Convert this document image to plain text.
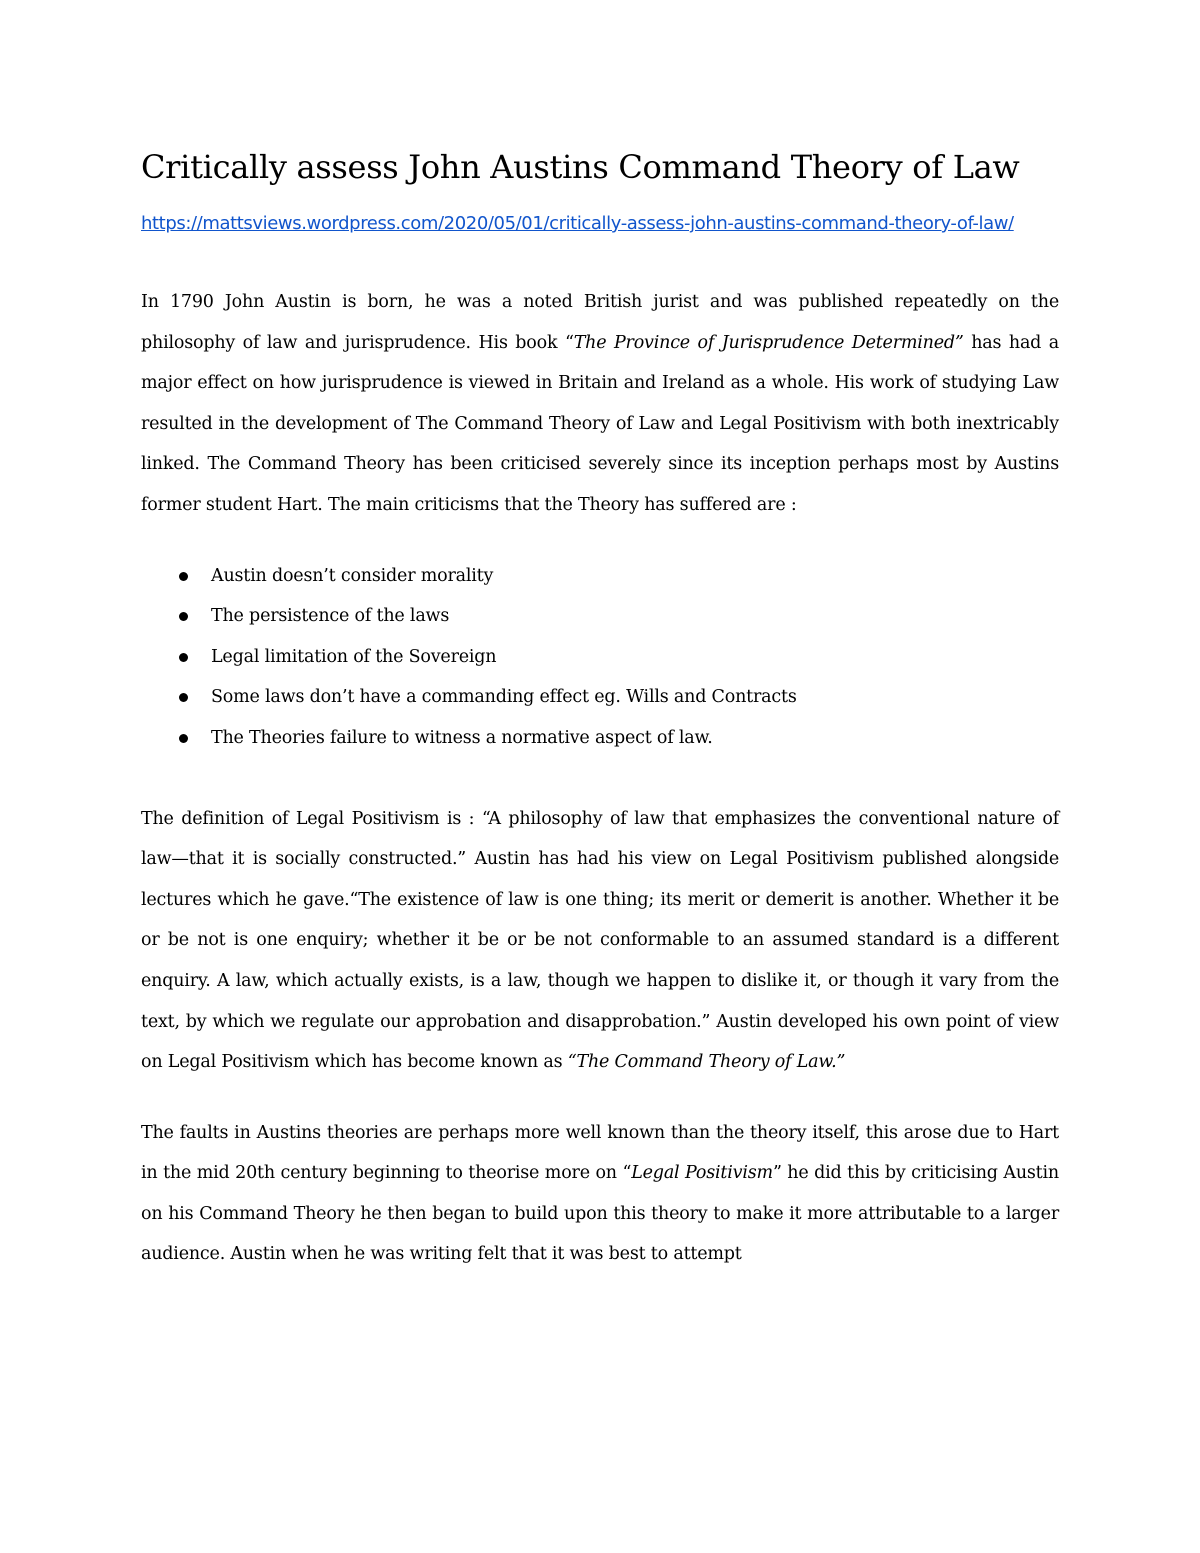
Critically assess John Austins Command Theory of Law
https://mattsviews.wordpress.com/2020/05/01/critically-assess-john-austins-command-theory-of-law/

In 1790 John Austin is born, he was a noted British jurist and was published repeatedly on the philosophy of law and jurisprudence. His book “The Province of Jurisprudence Determined” has had a major effect on how jurisprudence is viewed in Britain and Ireland as a whole. His work of studying Law resulted in the development of The Command Theory of Law and Legal Positivism with both inextricably linked. The Command Theory has been criticised severely since its inception perhaps most by Austins former student Hart. The main criticisms that the Theory has suffered are :

Austin doesn’t consider morality
The persistence of the laws
Legal limitation of the Sovereign
Some laws don’t have a commanding effect eg. Wills and Contracts
The Theories failure to witness a normative aspect of law.

The definition of Legal Positivism is : “A philosophy of law that emphasizes the conventional nature of law—that it is socially constructed.” Austin has had his view on Legal Positivism published alongside lectures which he gave.“The existence of law is one thing; its merit or demerit is another. Whether it be or be not is one enquiry; whether it be or be not conformable to an assumed standard is a different enquiry. A law, which actually exists, is a law, though we happen to dislike it, or though it vary from the text, by which we regulate our approbation and disapprobation.” Austin developed his own point of view on Legal Positivism which has become known as “The Command Theory of Law.”

The faults in Austins theories are perhaps more well known than the theory itself, this arose due to Hart in the mid 20th century beginning to theorise more on “Legal Positivism” he did this by criticising Austin on his Command Theory he then began to build upon this theory to make it more attributable to a larger audience. Austin when he was writing felt that it was best to attempt
